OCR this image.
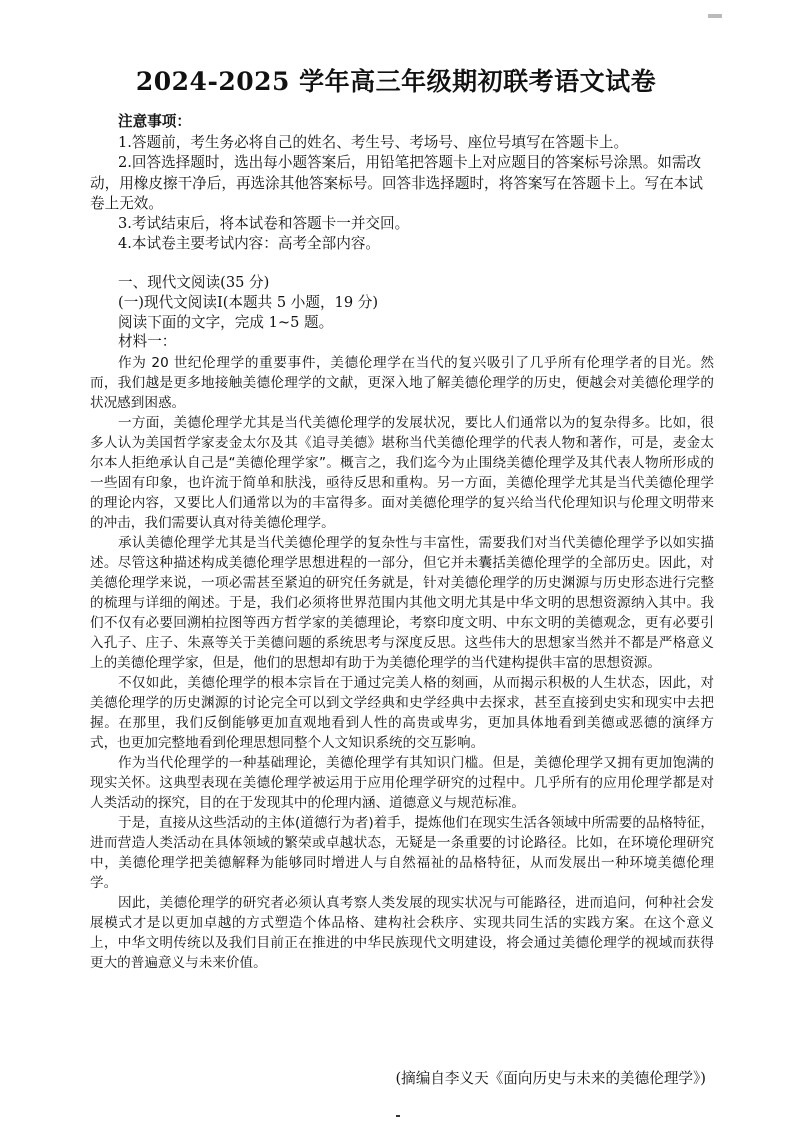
2024-2025 学年高三年级期初联考语文试卷
注意事项：

1.答题前，考生务必将自己的姓名、考生号、考场号、座位号填写在答题卡上。

2.回答选择题时，选出每小题答案后，用铅笔把答题卡上对应题目的答案标号涂黑。如需改动，用橡皮擦干净后，再选涂其他答案标号。回答非选择题时，将答案写在答题卡上。写在本试卷上无效。

3.考试结束后，将本试卷和答题卡一并交回。

4.本试卷主要考试内容：高考全部内容。

一、现代文阅读(35 分)

(一)现代文阅读Ⅰ(本题共 5 小题，19 分)

阅读下面的文字，完成 1~5 题。

材料一：

作为 20 世纪伦理学的重要事件，美德伦理学在当代的复兴吸引了几乎所有伦理学者的目光。然而，我们越是更多地接触美德伦理学的文献，更深入地了解美德伦理学的历史，便越会对美德伦理学的状况感到困惑。

一方面，美德伦理学尤其是当代美德伦理学的发展状况，要比人们通常以为的复杂得多。比如，很多人认为美国哲学家麦金太尔及其《追寻美德》堪称当代美德伦理学的代表人物和著作，可是，麦金太尔本人拒绝承认自己是“美德伦理学家”。概言之，我们迄今为止围绕美德伦理学及其代表人物所形成的一些固有印象，也许流于简单和肤浅，亟待反思和重构。另一方面，美德伦理学尤其是当代美德伦理学的理论内容，又要比人们通常以为的丰富得多。面对美德伦理学的复兴给当代伦理知识与伦理文明带来的冲击，我们需要认真对待美德伦理学。

承认美德伦理学尤其是当代美德伦理学的复杂性与丰富性，需要我们对当代美德伦理学予以如实描述。尽管这种描述构成美德伦理学思想进程的一部分，但它并未囊括美德伦理学的全部历史。因此，对美德伦理学来说，一项必需甚至紧迫的研究任务就是，针对美德伦理学的历史渊源与历史形态进行完整的梳理与详细的阐述。于是，我们必须将世界范围内其他文明尤其是中华文明的思想资源纳入其中。我们不仅有必要回溯柏拉图等西方哲学家的美德理论，考察印度文明、中东文明的美德观念，更有必要引入孔子、庄子、朱熹等关于美德问题的系统思考与深度反思。这些伟大的思想家当然并不都是严格意义上的美德伦理学家，但是，他们的思想却有助于为美德伦理学的当代建构提供丰富的思想资源。

不仅如此，美德伦理学的根本宗旨在于通过完美人格的刻画，从而揭示积极的人生状态，因此，对美德伦理学的历史渊源的讨论完全可以到文学经典和史学经典中去探求，甚至直接到史实和现实中去把握。在那里，我们反倒能够更加直观地看到人性的高贵或卑劣，更加具体地看到美德或恶德的演绎方式，也更加完整地看到伦理思想同整个人文知识系统的交互影响。

作为当代伦理学的一种基础理论，美德伦理学有其知识门槛。但是，美德伦理学又拥有更加饱满的现实关怀。这典型表现在美德伦理学被运用于应用伦理学研究的过程中。几乎所有的应用伦理学都是对人类活动的探究，目的在于发现其中的伦理内涵、道德意义与规范标准。

于是，直接从这些活动的主体(道德行为者)着手，提炼他们在现实生活各领域中所需要的品格特征，进而营造人类活动在具体领域的繁荣或卓越状态，无疑是一条重要的讨论路径。比如，在环境伦理研究中，美德伦理学把美德解释为能够同时增进人与自然福祉的品格特征，从而发展出一种环境美德伦理学。

因此，美德伦理学的研究者必须认真考察人类发展的现实状况与可能路径，进而追问，何种社会发展模式才是以更加卓越的方式塑造个体品格、建构社会秩序、实现共同生活的实践方案。在这个意义上，中华文明传统以及我们目前正在推进的中华民族现代文明建设，将会通过美德伦理学的视域而获得更大的普遍意义与未来价值。

(摘编自李义天《面向历史与未来的美德伦理学》)
